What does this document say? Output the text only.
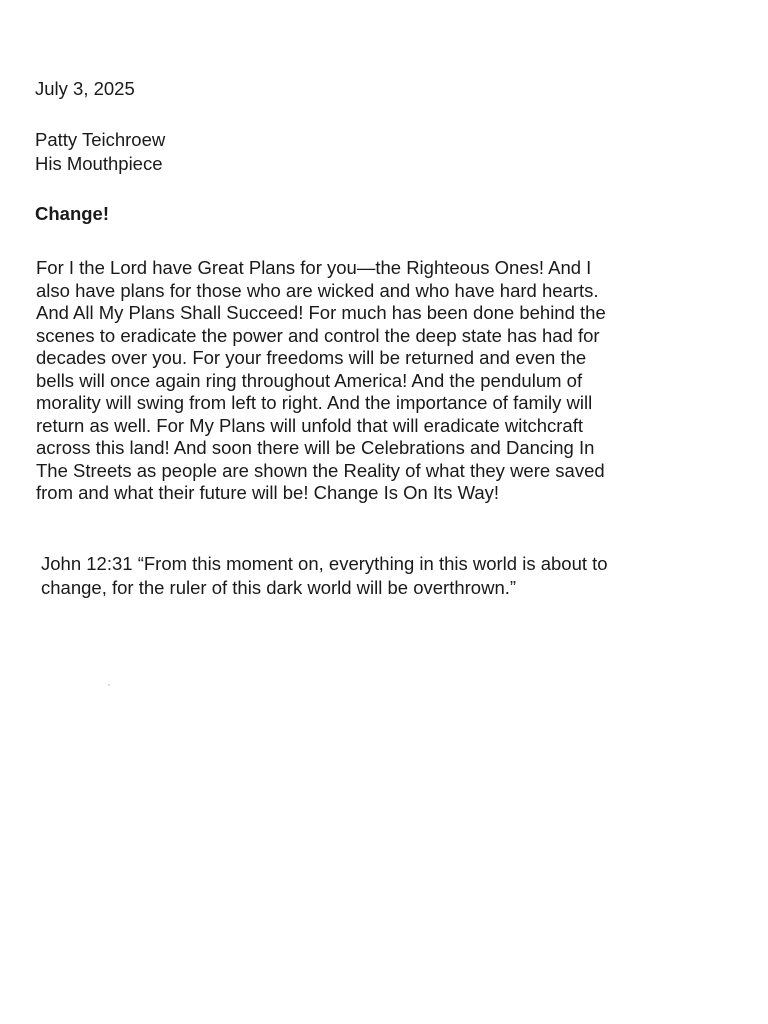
July 3, 2025
Patty Teichroew
His Mouthpiece
Change!
For I the Lord have Great Plans for you—the Righteous Ones! And I
also have plans for those who are wicked and who have hard hearts.
And All My Plans Shall Succeed! For much has been done behind the
scenes to eradicate the power and control the deep state has had for
decades over you. For your freedoms will be returned and even the
bells will once again ring throughout America! And the pendulum of
morality will swing from left to right. And the importance of family will
return as well. For My Plans will unfold that will eradicate witchcraft
across this land! And soon there will be Celebrations and Dancing In
The Streets as people are shown the Reality of what they were saved
from and what their future will be! Change Is On Its Way!
John 12:31 “From this moment on, everything in this world is about to
change, for the ruler of this dark world will be overthrown.”
